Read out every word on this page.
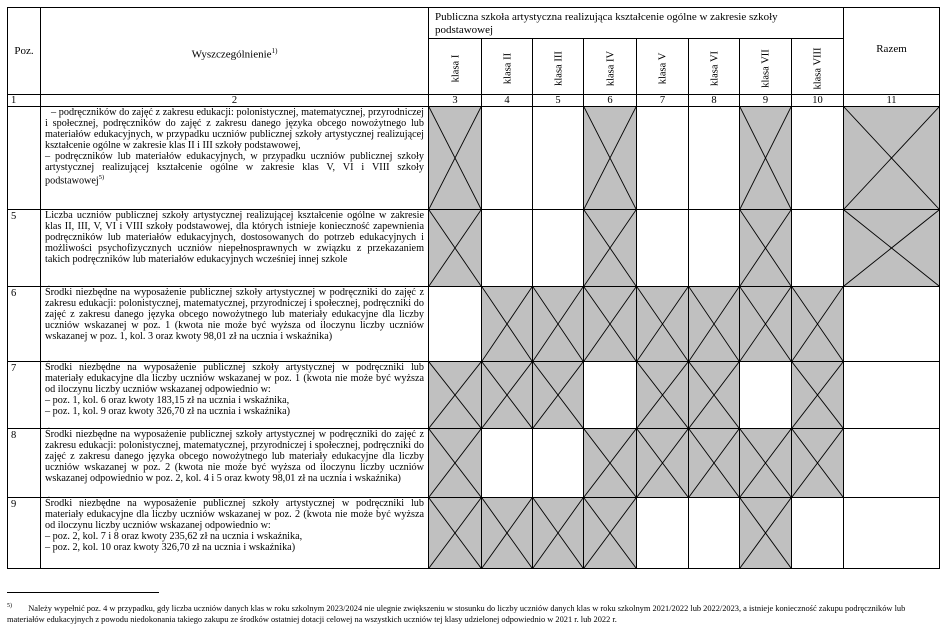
Poz.	Wyszczególnienie$^{1)}$
Publiczna szkoła artystyczna realizująca kształcenie ogólne w zakresie szkoły podstawowej
klasa I	klasa II	klasa III	klasa IV	klasa V	klasa VI	klasa VII	klasa VIII	Razem
1	2	3	4	5	6	7	8	9	10	11
– podręczników do zajęć z zakresu edukacji: polonistycznej, matematycznej, przyrodniczej i społecznej, podręczników do zajęć z zakresu danego języka obcego nowożytnego lub materiałów edukacyjnych, w przypadku uczniów publicznej szkoły artystycznej realizującej kształcenie ogólne w zakresie klas II i III szkoły podstawowej,
– podręczników lub materiałów edukacyjnych, w przypadku uczniów publicznej szkoły artystycznej realizującej kształcenie ogólne w zakresie klas V, VI i VIII szkoły podstawowej$^{5)}$
5	Liczba uczniów publicznej szkoły artystycznej realizującej kształcenie ogólne w zakresie klas II, III, V, VI i VIII szkoły podstawowej, dla których istnieje konieczność zapewnienia podręczników lub materiałów edukacyjnych, dostosowanych do potrzeb edukacyjnych i możliwości psychofizycznych uczniów niepełnosprawnych w związku z przekazaniem takich podręczników lub materiałów edukacyjnych wcześniej innej szkole
6	Środki niezbędne na wyposażenie publicznej szkoły artystycznej w podręczniki do zajęć z zakresu edukacji: polonistycznej, matematycznej, przyrodniczej i społecznej, podręczniki do zajęć z zakresu danego języka obcego nowożytnego lub materiały edukacyjne dla liczby uczniów wskazanej w poz. 1 (kwota nie może być wyższa od iloczynu liczby uczniów wskazanej w poz. 1, kol. 3 oraz kwoty 98,01 zł na ucznia i wskaźnika)
7	Środki niezbędne na wyposażenie publicznej szkoły artystycznej w podręczniki lub materiały edukacyjne dla liczby uczniów wskazanej w poz. 1 (kwota nie może być wyższa od iloczynu liczby uczniów wskazanej odpowiednio w:
– poz. 1, kol. 6 oraz kwoty 183,15 zł na ucznia i wskaźnika,
– poz. 1, kol. 9 oraz kwoty 326,70 zł na ucznia i wskaźnika)
8	Środki niezbędne na wyposażenie publicznej szkoły artystycznej w podręczniki do zajęć z zakresu edukacji: polonistycznej, matematycznej, przyrodniczej i społecznej, podręczniki do zajęć z zakresu danego języka obcego nowożytnego lub materiały edukacyjne dla liczby uczniów wskazanej w poz. 2 (kwota nie może być wyższa od iloczynu liczby uczniów wskazanej odpowiednio w poz. 2, kol. 4 i 5 oraz kwoty 98,01 zł na ucznia i wskaźnika)
9	Środki niezbędne na wyposażenie publicznej szkoły artystycznej w podręczniki lub materiały edukacyjne dla liczby uczniów wskazanej w poz. 2 (kwota nie może być wyższa od iloczynu liczby uczniów wskazanej odpowiednio w:
– poz. 2, kol. 7 i 8 oraz kwoty 235,62 zł na ucznia i wskaźnika,
– poz. 2, kol. 10 oraz kwoty 326,70 zł na ucznia i wskaźnika)
$^{5)}$ Należy wypełnić poz. 4 w przypadku, gdy liczba uczniów danych klas w roku szkolnym 2023/2024 nie ulegnie zwiększeniu w stosunku do liczby uczniów danych klas w roku szkolnym 2021/2022 lub 2022/2023, a istnieje konieczność zakupu podręczników lub materiałów edukacyjnych z powodu niedokonania takiego zakupu ze środków ostatniej dotacji celowej na wszystkich uczniów tej klasy udzielonej odpowiednio w 2021 r. lub 2022 r.
